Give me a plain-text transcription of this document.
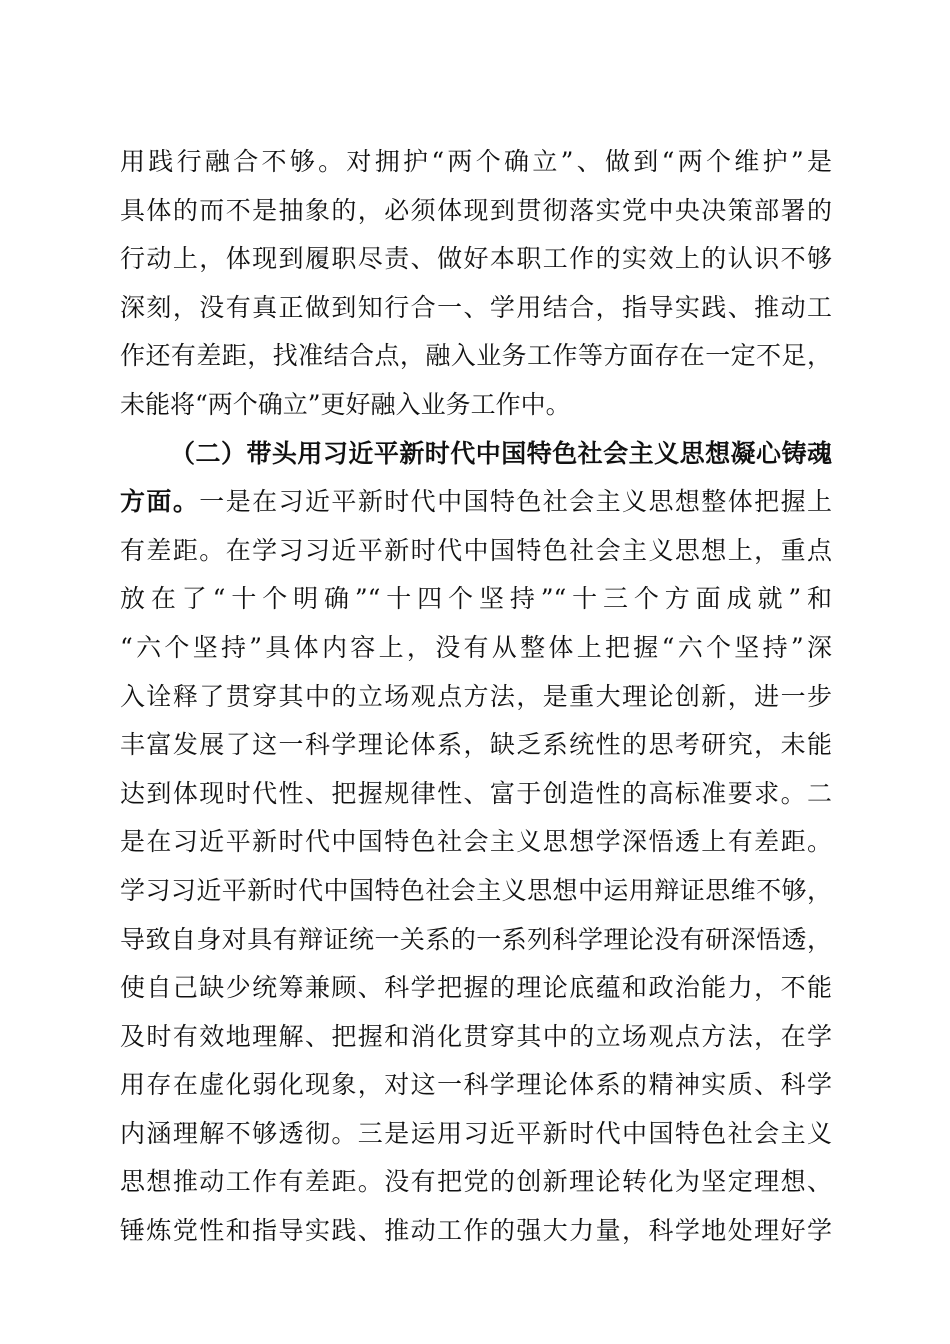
用践行融合不够。对拥护“两个确立”、做到“两个维护”是
具体的而不是抽象的，必须体现到贯彻落实党中央决策部署的
行动上，体现到履职尽责、做好本职工作的实效上的认识不够
深刻，没有真正做到知行合一、学用结合，指导实践、推动工
作还有差距，找准结合点，融入业务工作等方面存在一定不足，
未能将“两个确立”更好融入业务工作中。
（二）带头用习近平新时代中国特色社会主义思想凝心铸魂
方面。一是在习近平新时代中国特色社会主义思想整体把握上
有差距。在学习习近平新时代中国特色社会主义思想上，重点
放在了“十个明确”“十四个坚持”“十三个方面成就”和
“六个坚持”具体内容上，没有从整体上把握“六个坚持”深
入诠释了贯穿其中的立场观点方法，是重大理论创新，进一步
丰富发展了这一科学理论体系，缺乏系统性的思考研究，未能
达到体现时代性、把握规律性、富于创造性的高标准要求。二
是在习近平新时代中国特色社会主义思想学深悟透上有差距。
学习习近平新时代中国特色社会主义思想中运用辩证思维不够，
导致自身对具有辩证统一关系的一系列科学理论没有研深悟透，
使自己缺少统筹兼顾、科学把握的理论底蕴和政治能力，不能
及时有效地理解、把握和消化贯穿其中的立场观点方法，在学
用存在虚化弱化现象，对这一科学理论体系的精神实质、科学
内涵理解不够透彻。三是运用习近平新时代中国特色社会主义
思想推动工作有差距。没有把党的创新理论转化为坚定理想、
锤炼党性和指导实践、推动工作的强大力量，科学地处理好学
